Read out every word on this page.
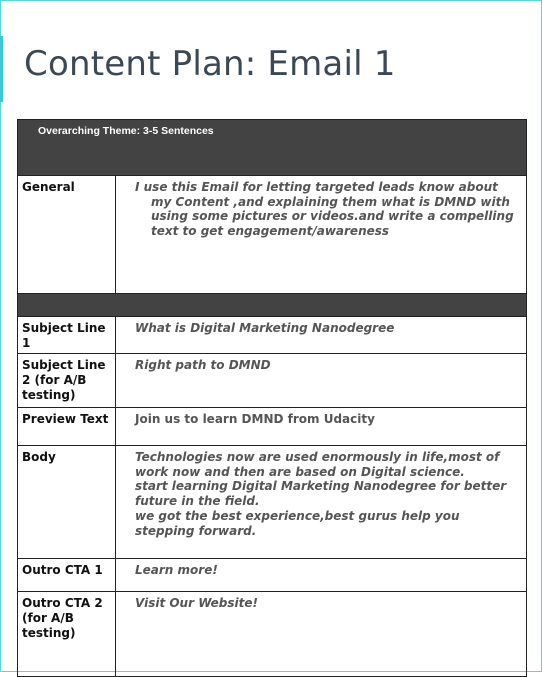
Content Plan: Email 1
Overarching Theme: 3-5 Sentences	
General	I use this Email for letting targeted leads know about my Content ,and explaining them what is DMND with using some pictures or videos.and write a compelling text to get engagement/awareness

Subject Line 1	What is Digital Marketing Nanodegree
Subject Line 2 (for A/B testing)	Right path to DMND
Preview Text	Join us to learn DMND from Udacity
Body	Technologies now are used enormously in life,most of work now and then are based on Digital science.
start learning Digital Marketing Nanodegree for better future in the field.
we got the best experience,best gurus help you stepping forward.

Outro CTA 1	Learn more!
Outro CTA 2 (for A/B testing)	Visit Our Website!
